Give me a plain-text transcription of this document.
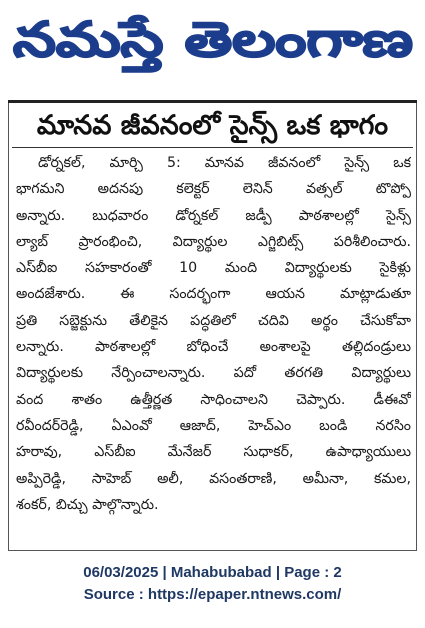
నమస్తే తెలంగాణ
మానవ జీవనంలో సైన్స్ ఒక భాగం
డోర్నకల్, మార్చి 5: మానవ జీవనంలో సైన్స్ ఒక
భాగమని అదనపు కలెక్టర్ లెనిన్ వత్సల్ టొప్పో
అన్నారు. బుధవారం డోర్నకల్ జడ్పీ పాఠశాలల్లో సైన్స్
ల్యాబ్ ప్రారంభించి, విద్యార్థుల ఎగ్జిబిట్స్ పరిశీలించారు.
ఎస్‌బీఐ సహకారంతో 10 మంది విద్యార్థులకు సైకిళ్లు
అందజేశారు. ఈ సందర్భంగా ఆయన మాట్లాడుతూ
ప్రతి సబ్జెక్టును తేలికైన పద్ధతిలో చదివి అర్థం చేసుకోవా
లన్నారు. పాఠశాలల్లో బోధించే అంశాలపై తల్లిదండ్రులు
విద్యార్థులకు నేర్పించాలన్నారు. పదో తరగతి విద్యార్థులు
వంద శాతం ఉత్తీర్ణత సాధించాలని చెప్పారు. డీఈవో
రవీందర్‌రెడ్డి, ఏఎంవో ఆజాద్, హెచ్‌ఎం బండి నరసిం
హరావు, ఎస్‌బీఐ మేనేజర్ సుధాకర్, ఉపాధ్యాయులు
అప్పిరెడ్డి, సాహెబ్ అలీ, వసంతరాణి, అమీనా, కమల,
శంకర్, బిచ్చు పాల్గొన్నారు.
06/03/2025 | Mahabubabad | Page : 2
Source : https://epaper.ntnews.com/
